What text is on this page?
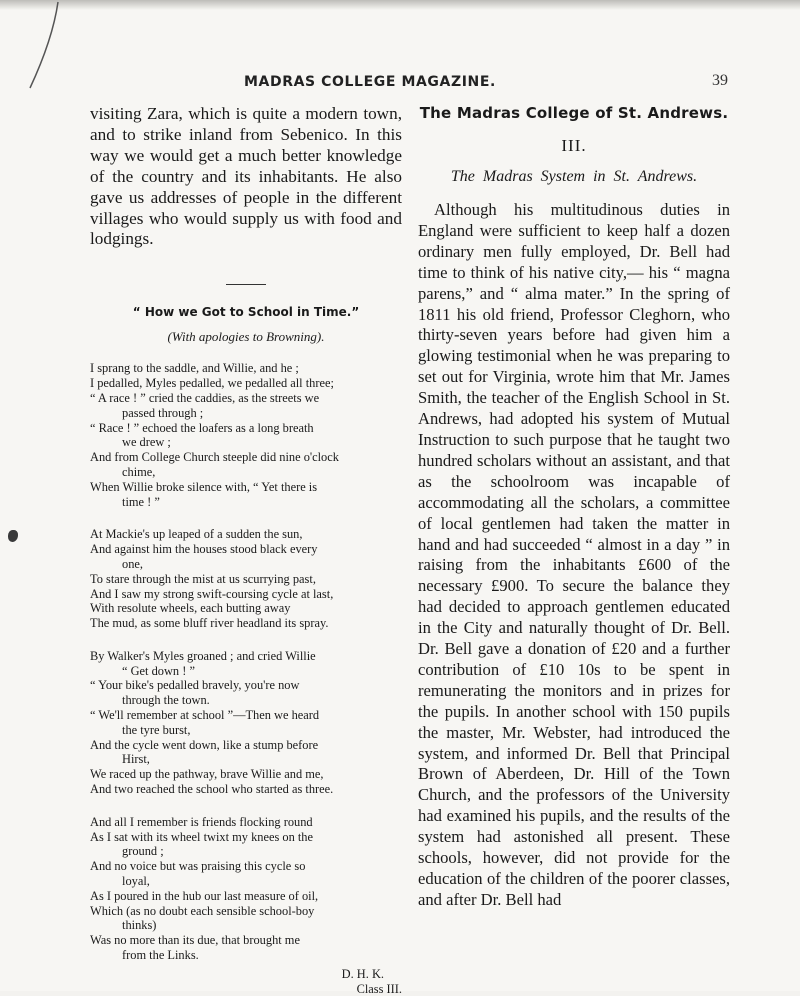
MADRAS COLLEGE MAGAZINE.	39

visiting Zara, which is quite a modern town, and to strike inland from Sebenico. In this way we would get a much better knowledge of the country and its inhabitants. He also gave us addresses of people in the different villages who would supply us with food and lodgings.

“ How we Got to School in Time.”
(With apologies to Browning).
I sprang to the saddle, and Willie, and he ;
I pedalled, Myles pedalled, we pedalled all three;
“ A race ! ” cried the caddies, as the streets we
passed through ;
“ Race ! ” echoed the loafers as a long breath
we drew ;
And from College Church steeple did nine o'clock
chime,
When Willie broke silence with, “ Yet there is
time ! ”
At Mackie's up leaped of a sudden the sun,
And against him the houses stood black every
one,
To stare through the mist at us scurrying past,
And I saw my strong swift-coursing cycle at last,
With resolute wheels, each butting away
The mud, as some bluff river headland its spray.
By Walker's Myles groaned ; and cried Willie
“ Get down ! ”
“ Your bike's pedalled bravely, you're now
through the town.
“ We'll remember at school ”—Then we heard
the tyre burst,
And the cycle went down, like a stump before
Hirst,
We raced up the pathway, brave Willie and me,
And two reached the school who started as three.
And all I remember is friends flocking round
As I sat with its wheel twixt my knees on the
ground ;
And no voice but was praising this cycle so
loyal,
As I poured in the hub our last measure of oil,
Which (as no doubt each sensible school-boy
thinks)
Was no more than its due, that brought me
from the Links.
D. H. K.
Class III.
The Madras College of St. Andrews.
III.
The Madras System in St. Andrews.

Although his multitudinous duties in England were sufficient to keep half a dozen ordinary men fully employed, Dr. Bell had time to think of his native city,— his “ magna parens,” and “ alma mater.” In the spring of 1811 his old friend, Professor Cleghorn, who thirty-seven years before had given him a glowing testimonial when he was preparing to set out for Virginia, wrote him that Mr. James Smith, the teacher of the English School in St. Andrews, had adopted his system of Mutual Instruction to such purpose that he taught two hundred scholars without an assistant, and that as the schoolroom was incapable of accommodating all the scholars, a committee of local gentlemen had taken the matter in hand and had succeeded “ almost in a day ” in raising from the inhabitants £600 of the necessary £900. To secure the balance they had decided to approach gentlemen educated in the City and naturally thought of Dr. Bell. Dr. Bell gave a donation of £20 and a further contribution of £10 10s to be spent in remunerating the monitors and in prizes for the pupils. In another school with 150 pupils the master, Mr. Webster, had introduced the system, and informed Dr. Bell that Principal Brown of Aberdeen, Dr. Hill of the Town Church, and the professors of the University had examined his pupils, and the results of the system had astonished all present. These schools, however, did not provide for the education of the children of the poorer classes, and after Dr. Bell had
